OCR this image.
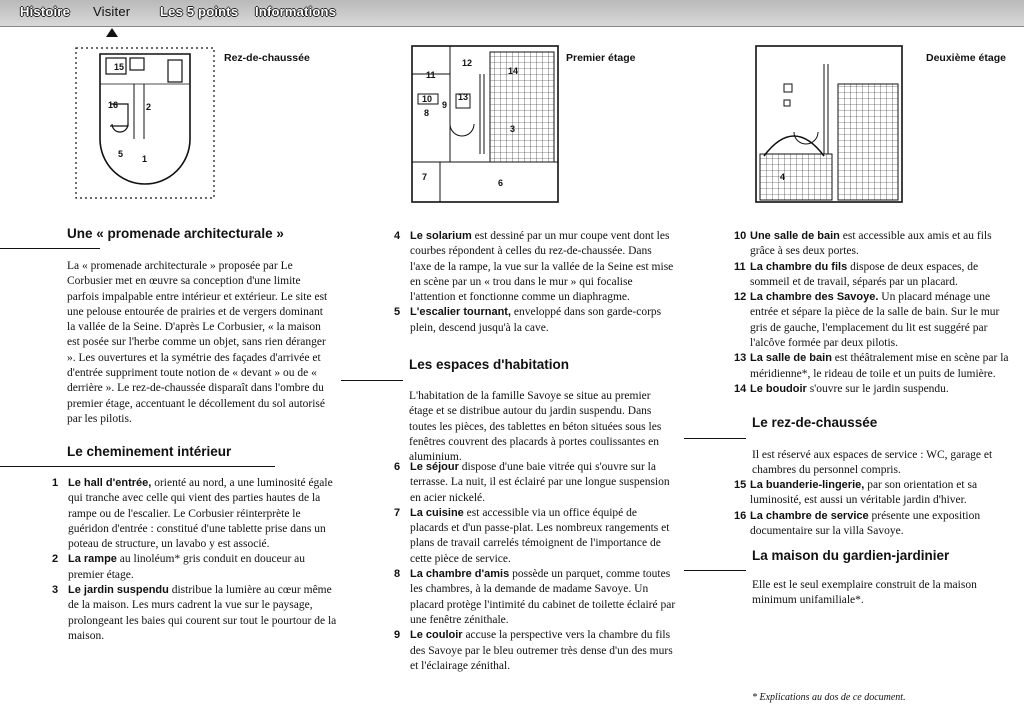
Histoire Visiter Les 5 points Informations
15
16	2
5 1
Rez-de-chaussée	12
14
11
13
10
8
9
3
7
6
Premier étage
4
Deuxième étage
Une « promenade architecturale »

La « promenade architecturale » proposée par Le Corbusier met en œuvre sa conception d'une limite parfois impalpable entre intérieur et extérieur. Le site est une pelouse entourée de prairies et de vergers dominant la vallée de la Seine. D'après Le Corbusier, « la maison est posée sur l'herbe comme un objet, sans rien déranger ». Les ouvertures et la symétrie des façades d'arrivée et d'entrée suppriment toute notion de « devant » ou de « derrière ». Le rez-de-chaussée disparaît dans l'ombre du premier étage, accentuant le décollement du sol autorisé par les pilotis.

Le cheminement intérieur
1 Le hall d'entrée, orienté au nord, a une luminosité égale qui tranche avec celle qui vient des parties hautes de la rampe ou de l'escalier. Le Corbusier réinterprète le guéridon d'entrée : constitué d'une tablette prise dans un poteau de structure, un lavabo y est associé.
2 La rampe au linoléum* gris conduit en douceur au premier étage.
3 Le jardin suspendu distribue la lumière au cœur même de la maison. Les murs cadrent la vue sur le paysage, prolongeant les baies qui courent sur tout le pourtour de la maison.
4 Le solarium est dessiné par un mur coupe vent dont les courbes répondent à celles du rez-de-chaussée. Dans l'axe de la rampe, la vue sur la vallée de la Seine est mise en scène par un « trou dans le mur » qui focalise l'attention et fonctionne comme un diaphragme.
5 L'escalier tournant, enveloppé dans son garde-corps plein, descend jusqu'à la cave.
Les espaces d'habitation

L'habitation de la famille Savoye se situe au premier étage et se distribue autour du jardin suspendu. Dans toutes les pièces, des tablettes en béton situées sous les fenêtres couvrent des placards à portes coulissantes en aluminium.

6 Le séjour dispose d'une baie vitrée qui s'ouvre sur la terrasse. La nuit, il est éclairé par une longue suspension en acier nickelé.
7 La cuisine est accessible via un office équipé de placards et d'un passe-plat. Les nombreux rangements et plans de travail carrelés témoignent de l'importance de cette pièce de service.
8 La chambre d'amis possède un parquet, comme toutes les chambres, à la demande de madame Savoye. Un placard protège l'intimité du cabinet de toilette éclairé par une fenêtre zénithale.
9 Le couloir accuse la perspective vers la chambre du fils des Savoye par le bleu outremer très dense d'un des murs et l'éclairage zénithal.
10 Une salle de bain est accessible aux amis et au fils grâce à ses deux portes.
11 La chambre du fils dispose de deux espaces, de sommeil et de travail, séparés par un placard.
12 La chambre des Savoye. Un placard ménage une entrée et sépare la pièce de la salle de bain. Sur le mur gris de gauche, l'emplacement du lit est suggéré par l'alcôve formée par deux pilotis.
13 La salle de bain est théâtralement mise en scène par la méridienne*, le rideau de toile et un puits de lumière.
14 Le boudoir s'ouvre sur le jardin suspendu.
Le rez-de-chaussée

Il est réservé aux espaces de service : WC, garage et chambres du personnel compris.

15 La buanderie-lingerie, par son orientation et sa luminosité, est aussi un véritable jardin d'hiver.
16 La chambre de service présente une exposition documentaire sur la villa Savoye.
La maison du gardien-jardinier

Elle est le seul exemplaire construit de la maison minimum unifamiliale*.

* Explications au dos de ce document.
